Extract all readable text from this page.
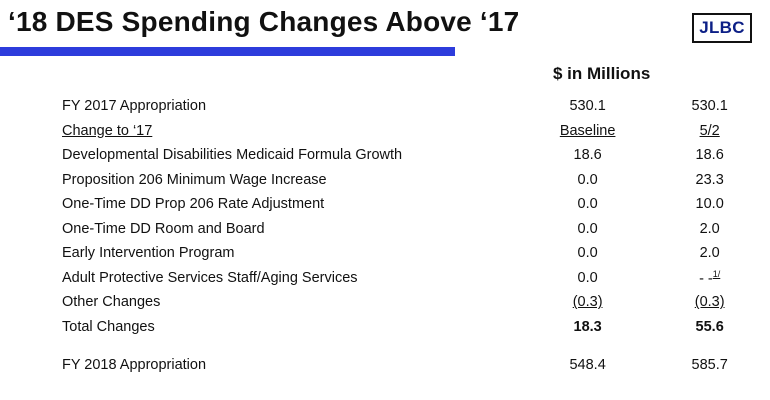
‘18 DES Spending Changes Above ‘17	JLBC
$ in Millions
FY 2017 Appropriation	530.1	530.1
Change to ‘17	Baseline	5/2
Developmental Disabilities Medicaid Formula Growth	18.6	18.6
Proposition 206 Minimum Wage Increase	0.0	23.3
One-Time DD Prop 206 Rate Adjustment	0.0	10.0
One-Time DD Room and Board	0.0	2.0
Early Intervention Program	0.0	2.0
Adult Protective Services Staff/Aging Services	0.0	- -$^{1/}$
Other Changes	(0.3)	(0.3)
Total Changes	18.3	55.6

FY 2018 Appropriation	548.4	585.7
